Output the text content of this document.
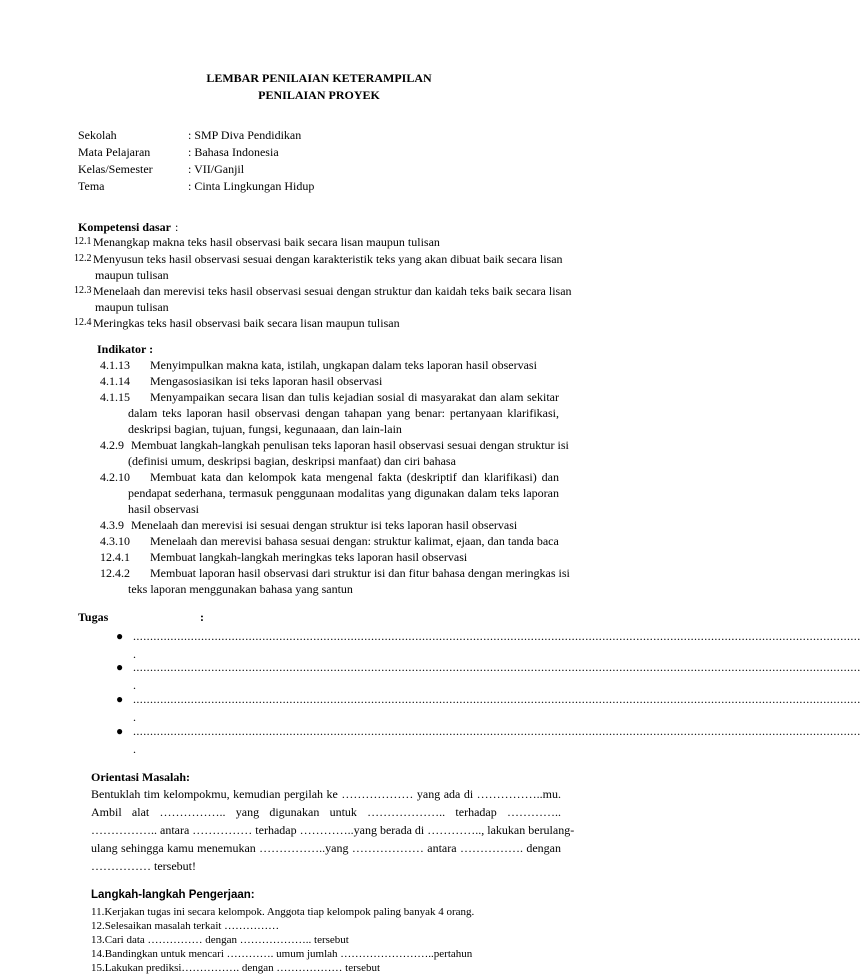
LEMBAR PENILAIAN KETERAMPILAN
PENILAIAN PROYEK
Sekolah	: SMP Diva Pendidikan
Mata Pelajaran	: Bahasa Indonesia
Kelas/Semester	: VII/Ganjil
Tema	: Cinta Lingkungan Hidup
Kompetensi dasar :
12.1 Menangkap makna teks hasil observasi baik secara lisan maupun tulisan
12.2 Menyusun teks hasil observasi sesuai dengan karakteristik teks yang akan dibuat baik secara lisan
maupun tulisan
12.3 Menelaah dan merevisi teks hasil observasi sesuai dengan struktur dan kaidah teks baik secara lisan
maupun tulisan
12.4 Meringkas teks hasil observasi baik secara lisan maupun tulisan
Indikator :
4.1.13 Menyimpulkan makna kata, istilah, ungkapan dalam teks laporan hasil observasi
4.1.14 Mengasosiasikan isi teks laporan hasil observasi
4.1.15 Menyampaikan secara lisan dan tulis kejadian sosial di masyarakat dan alam sekitar
dalam teks laporan hasil observasi dengan tahapan yang benar: pertanyaan klarifikasi,
deskripsi bagian, tujuan, fungsi, kegunaaan, dan lain-lain
4.2.9 Membuat langkah-langkah penulisan teks laporan hasil observasi sesuai dengan struktur isi
(definisi umum, deskripsi bagian, deskripsi manfaat) dan ciri bahasa
4.2.10 Membuat kata dan kelompok kata mengenal fakta (deskriptif dan klarifikasi) dan
pendapat sederhana, termasuk penggunaan modalitas yang digunakan dalam teks laporan
hasil observasi
4.3.9 Menelaah dan merevisi isi sesuai dengan struktur isi teks laporan hasil observasi
4.3.10 Menelaah dan merevisi bahasa sesuai dengan: struktur kalimat, ejaan, dan tanda baca
12.4.1 Membuat langkah-langkah meringkas teks laporan hasil observasi
12.4.2 Membuat laporan hasil observasi dari struktur isi dan fitur bahasa dengan meringkas isi
teks laporan menggunakan bahasa yang santun
Tugas	:
● ......................................................................................................................................................................................................................
.
● ......................................................................................................................................................................................................................
.
● ......................................................................................................................................................................................................................
.
● ......................................................................................................................................................................................................................
.
Orientasi Masalah:
Bentuklah tim kelompokmu, kemudian pergilah ke ……………… yang ada di ……………..mu.
Ambil alat …………….. yang digunakan untuk ……………….. terhadap …………..
…………….. antara …………… terhadap …………..yang berada di ………….., lakukan berulang-
ulang sehingga kamu menemukan ……………..yang ……………… antara ……………. dengan
…………… tersebut!
Langkah-langkah Pengerjaan:
11.Kerjakan tugas ini secara kelompok. Anggota tiap kelompok paling banyak 4 orang.
12.Selesaikan masalah terkait ……………
13.Cari data …………… dengan ……………….. tersebut
14.Bandingkan untuk mencari …………. umum jumlah ……………………..pertahun
15.Lakukan prediksi……………. dengan ……………… tersebut
